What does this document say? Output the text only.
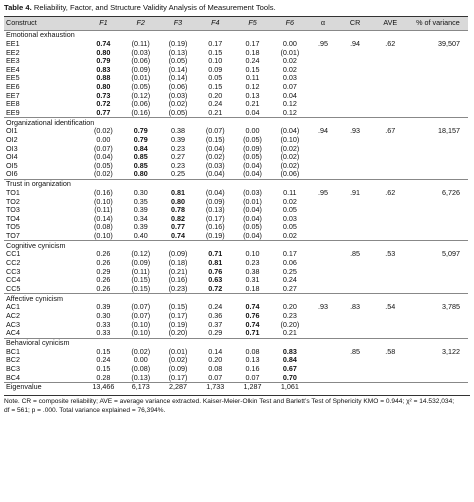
Table 4. Reliability, Factor, and Structure Validity Analysis of Measurement Tools.
Construct	F1	F2	F3	F4	F5	F6	α	CR	AVE	% of variance
Emotional exhaustion										
EE1	0.74	(0.11)	(0.19)	0.17	0.17	0.00	.95	.94	.62	39,507
EE2	0.80	(0.03)	(0.13)	0.15	0.18	(0.01)				
EE3	0.79	(0.06)	(0.05)	0.10	0.24	0.02				
EE4	0.83	(0.09)	(0.14)	0.09	0.15	0.02				
EE5	0.88	(0.01)	(0.14)	0.05	0.11	0.03				
EE6	0.80	(0.05)	(0.06)	0.15	0.12	0.07				
EE7	0.73	(0.12)	(0.03)	0.20	0.13	0.04				
EE8	0.72	(0.06)	(0.02)	0.24	0.21	0.12				
EE9	0.77	(0.16)	(0.05)	0.21	0.04	0.12				
Organizational identification										
OI1	(0.02)	0.79	0.38	(0.07)	0.00	(0.04)	.94	.93	.67	18,157
OI2	0.00	0.79	0.39	(0.15)	(0.05)	(0.10)				
OI3	(0.07)	0.84	0.23	(0.04)	(0.09)	(0.02)				
OI4	(0.04)	0.85	0.27	(0.02)	(0.05)	(0.02)				
OI5	(0.05)	0.85	0.23	(0.03)	(0.04)	(0.02)				
OI6	(0.02)	0.80	0.25	(0.04)	(0.04)	(0.06)				
Trust in organization										
TO1	(0.16)	0.30	0.81	(0.04)	(0.03)	0.11	.95	.91	.62	6,726
TO2	(0.10)	0.35	0.80	(0.09)	(0.01)	0.02				
TO3	(0.11)	0.39	0.78	(0.13)	(0.04)	0.05				
TO4	(0.14)	0.34	0.82	(0.17)	(0.04)	0.03				
TO5	(0.08)	0.39	0.77	(0.16)	(0.05)	0.05				
TO7	(0.10)	0.40	0.74	(0.19)	(0.04)	0.02				
Cognitive cynicism										
CC1	0.26	(0.12)	(0.09)	0.71	0.10	0.17		.85	.53	5,097
CC2	0.26	(0.09)	(0.18)	0.81	0.23	0.06				
CC3	0.29	(0.11)	(0.21)	0.76	0.38	0.25				
CC4	0.26	(0.15)	(0.16)	0.63	0.31	0.24				
CC5	0.26	(0.15)	(0.23)	0.72	0.18	0.27				
Affective cynicism										
AC1	0.39	(0.07)	(0.15)	0.24	0.74	0.20	.93	.83	.54	3,785
AC2	0.30	(0.07)	(0.17)	0.36	0.76	0.23				
AC3	0.33	(0.10)	(0.19)	0.37	0.74	(0.20)				
AC4	0.33	(0.10)	(0.20)	0.29	0.71	0.21				
Behavioral cynicism										
BC1	0.15	(0.02)	(0.01)	0.14	0.08	0.83		.85	.58	3,122
BC2	0.24	0.00	(0.02)	0.20	0.13	0.84				
BC3	0.15	(0.08)	(0.09)	0.08	0.16	0.67				
BC4	0.28	(0.13)	(0.17)	0.07	0.07	0.70				
Eigenvalue	13,466	6,173	2,287	1,733	1,287	1,061				
Note. CR = composite reliability; AVE = average variance extracted. Kaiser-Meier-Olkin Test and Barlett’s Test of Sphericity KMO = 0.944; χ² = 14.532,034;
df = 561; p = .000. Total variance explained = 76,394%.
